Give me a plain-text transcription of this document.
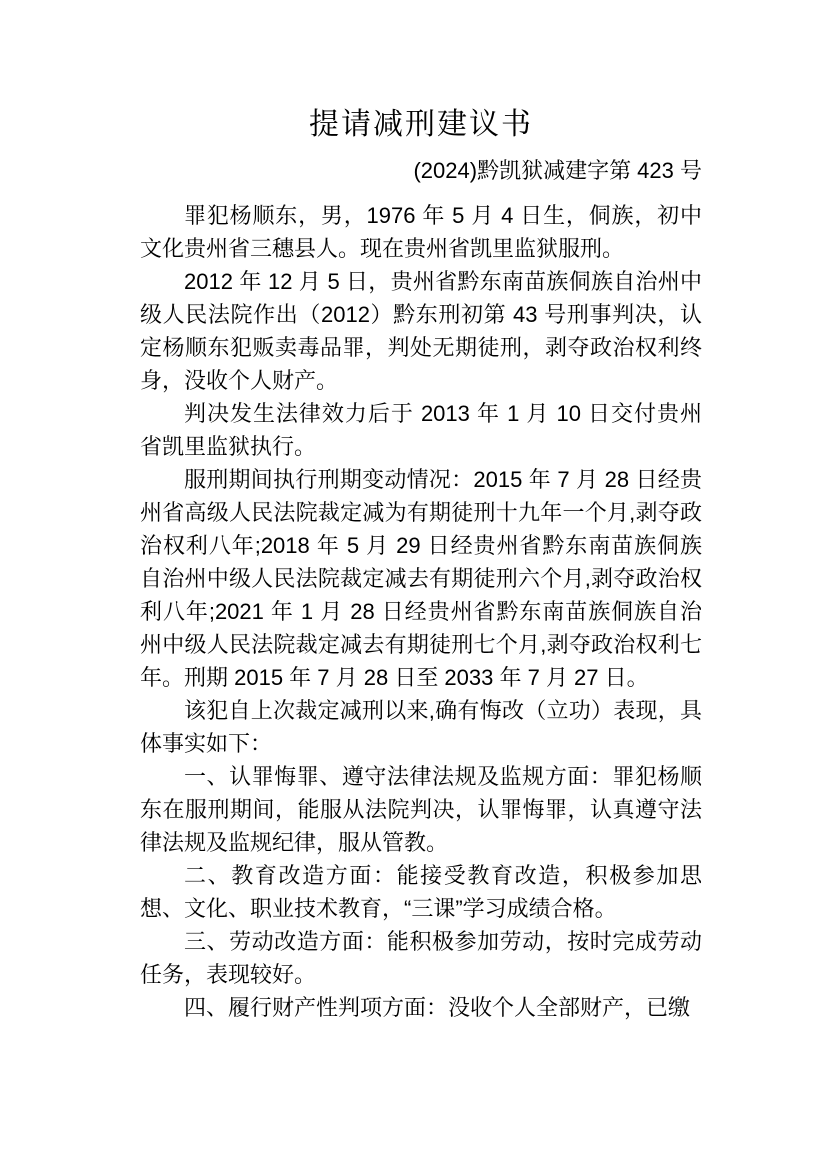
提请减刑建议书

(2024)黔凯狱减建字第 423 号

罪犯杨顺东，男，1976 年 5 月 4 日生，侗族，初中文化贵州省三穗县人。现在贵州省凯里监狱服刑。

2012 年 12 月 5 日，贵州省黔东南苗族侗族自治州中级人民法院作出（2012）黔东刑初第 43 号刑事判决，认定杨顺东犯贩卖毒品罪，判处无期徒刑，剥夺政治权利终身，没收个人财产。

判决发生法律效力后于 2013 年 1 月 10 日交付贵州省凯里监狱执行。

服刑期间执行刑期变动情况：2015 年 7 月 28 日经贵州省高级人民法院裁定减为有期徒刑十九年一个月,剥夺政治权利八年;2018 年 5 月 29 日经贵州省黔东南苗族侗族自治州中级人民法院裁定减去有期徒刑六个月,剥夺政治权利八年;2021 年 1 月 28 日经贵州省黔东南苗族侗族自治州中级人民法院裁定减去有期徒刑七个月,剥夺政治权利七年。刑期 2015 年 7 月 28 日至 2033 年 7 月 27 日。

该犯自上次裁定减刑以来,确有悔改（立功）表现，具体事实如下：

一、认罪悔罪、遵守法律法规及监规方面：罪犯杨顺东在服刑期间，能服从法院判决，认罪悔罪，认真遵守法律法规及监规纪律，服从管教。

二、教育改造方面：能接受教育改造，积极参加思想、文化、职业技术教育，“三课”学习成绩合格。

三、劳动改造方面：能积极参加劳动，按时完成劳动任务，表现较好。

四、履行财产性判项方面：没收个人全部财产，已缴
